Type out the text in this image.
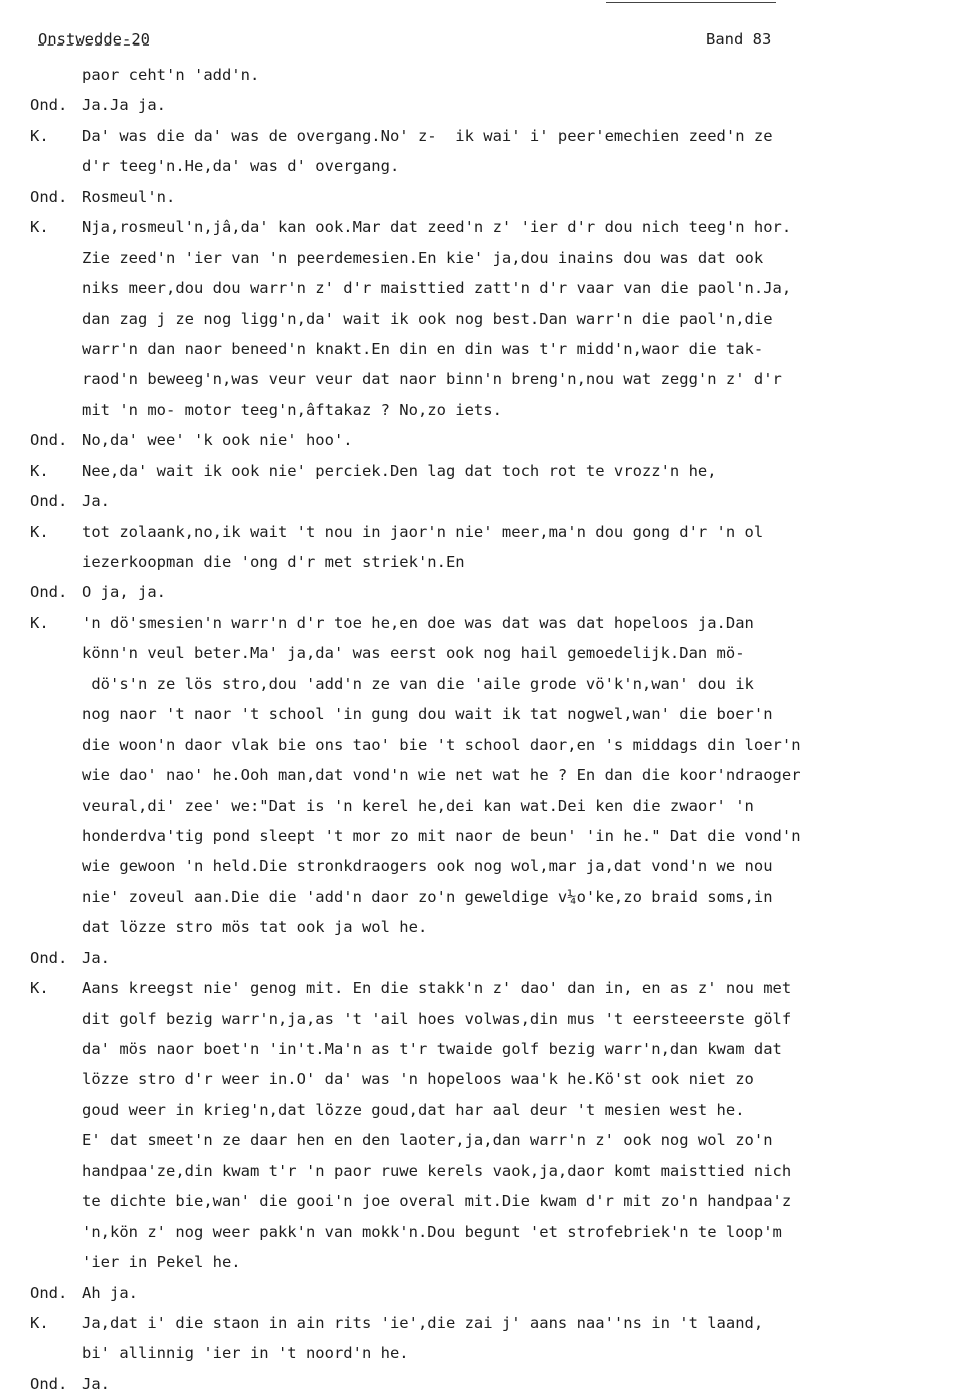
Onstwedde-20	Band 83
paor ceht'n 'add'n.
Ond. Ja.Ja ja.
K. Da' was die da' was de overgang.No' z-  ik wai' i' peer'emechien zeed'n ze
d'r teeg'n.He,da' was d' overgang.
Ond. Rosmeul'n.
K. Nja,rosmeul'n,jâ,da' kan ook.Mar dat zeed'n z' 'ier d'r dou nich teeg'n hor.
Zie zeed'n 'ier van 'n peerdemesien.En kie' ja,dou inains dou was dat ook
niks meer,dou dou warr'n z' d'r maisttied zatt'n d'r vaar van die paol'n.Ja,
dan zag j ze nog ligg'n,da' wait ik ook nog best.Dan warr'n die paol'n,die
warr'n dan naor beneed'n knakt.En din en din was t'r midd'n,waor die tak-
raod'n beweeg'n,was veur veur dat naor binn'n breng'n,nou wat zegg'n z' d'r
mit 'n mo- motor teeg'n,âftakaz ? No,zo iets.
Ond. No,da' wee' 'k ook nie' hoo'.
K. Nee,da' wait ik ook nie' perciek.Den lag dat toch rot te vrozz'n he,
Ond. Ja.
K. tot zolaank,no,ik wait 't nou in jaor'n nie' meer,ma'n dou gong d'r 'n ol
iezerkoopman die 'ong d'r met striek'n.En
Ond. O ja, ja.
K. 'n dö'smesien'n warr'n d'r toe he,en doe was dat was dat hopeloos ja.Dan
könn'n veul beter.Ma' ja,da' was eerst ook nog hail gemoedelijk.Dan mö-
dö's'n ze lös stro,dou 'add'n ze van die 'aile grode vö'k'n,wan' dou ik
nog naor 't naor 't school 'in gung dou wait ik tat nogwel,wan' die boer'n
die woon'n daor vlak bie ons tao' bie 't school daor,en 's middags din loer'n
wie dao' nao' he.Ooh man,dat vond'n wie net wat he ? En dan die koor'ndraoger
veural,di' zee' we:"Dat is 'n kerel he,dei kan wat.Dei ken die zwaor' 'n
honderdva'tig pond sleept 't mor zo mit naor de beun' 'in he." Dat die vond'n
wie gewoon 'n held.Die stronkdraogers ook nog wol,mar ja,dat vond'n we nou
nie' zoveul aan.Die die 'add'n daor zo'n geweldige v¼o'ke,zo braid soms,in
dat lözze stro mös tat ook ja wol he.
Ond. Ja.
K. Aans kreegst nie' genog mit. En die stakk'n z' dao' dan in, en as z' nou met
dit golf bezig warr'n,ja,as 't 'ail hoes volwas,din mus 't eersteeerste gölf
da' mös naor boet'n 'in't.Ma'n as t'r twaide golf bezig warr'n,dan kwam dat
lözze stro d'r weer in.O' da' was 'n hopeloos waa'k he.Kö'st ook niet zo
goud weer in krieg'n,dat lözze goud,dat har aal deur 't mesien west he.
E' dat smeet'n ze daar hen en den laoter,ja,dan warr'n z' ook nog wol zo'n
handpaa'ze,din kwam t'r 'n paor ruwe kerels vaok,ja,daor komt maisttied nich
te dichte bie,wan' die gooi'n joe overal mit.Die kwam d'r mit zo'n handpaa'z
'n,kön z' nog weer pakk'n van mokk'n.Dou begunt 'et strofebriek'n te loop'm
'ier in Pekel he.
Ond. Ah ja.
K. Ja,dat i' die staon in ain rits 'ie',die zai j' aans naa''ns in 't laand,
bi' allinnig 'ier in 't noord'n he.
Ond. Ja.
